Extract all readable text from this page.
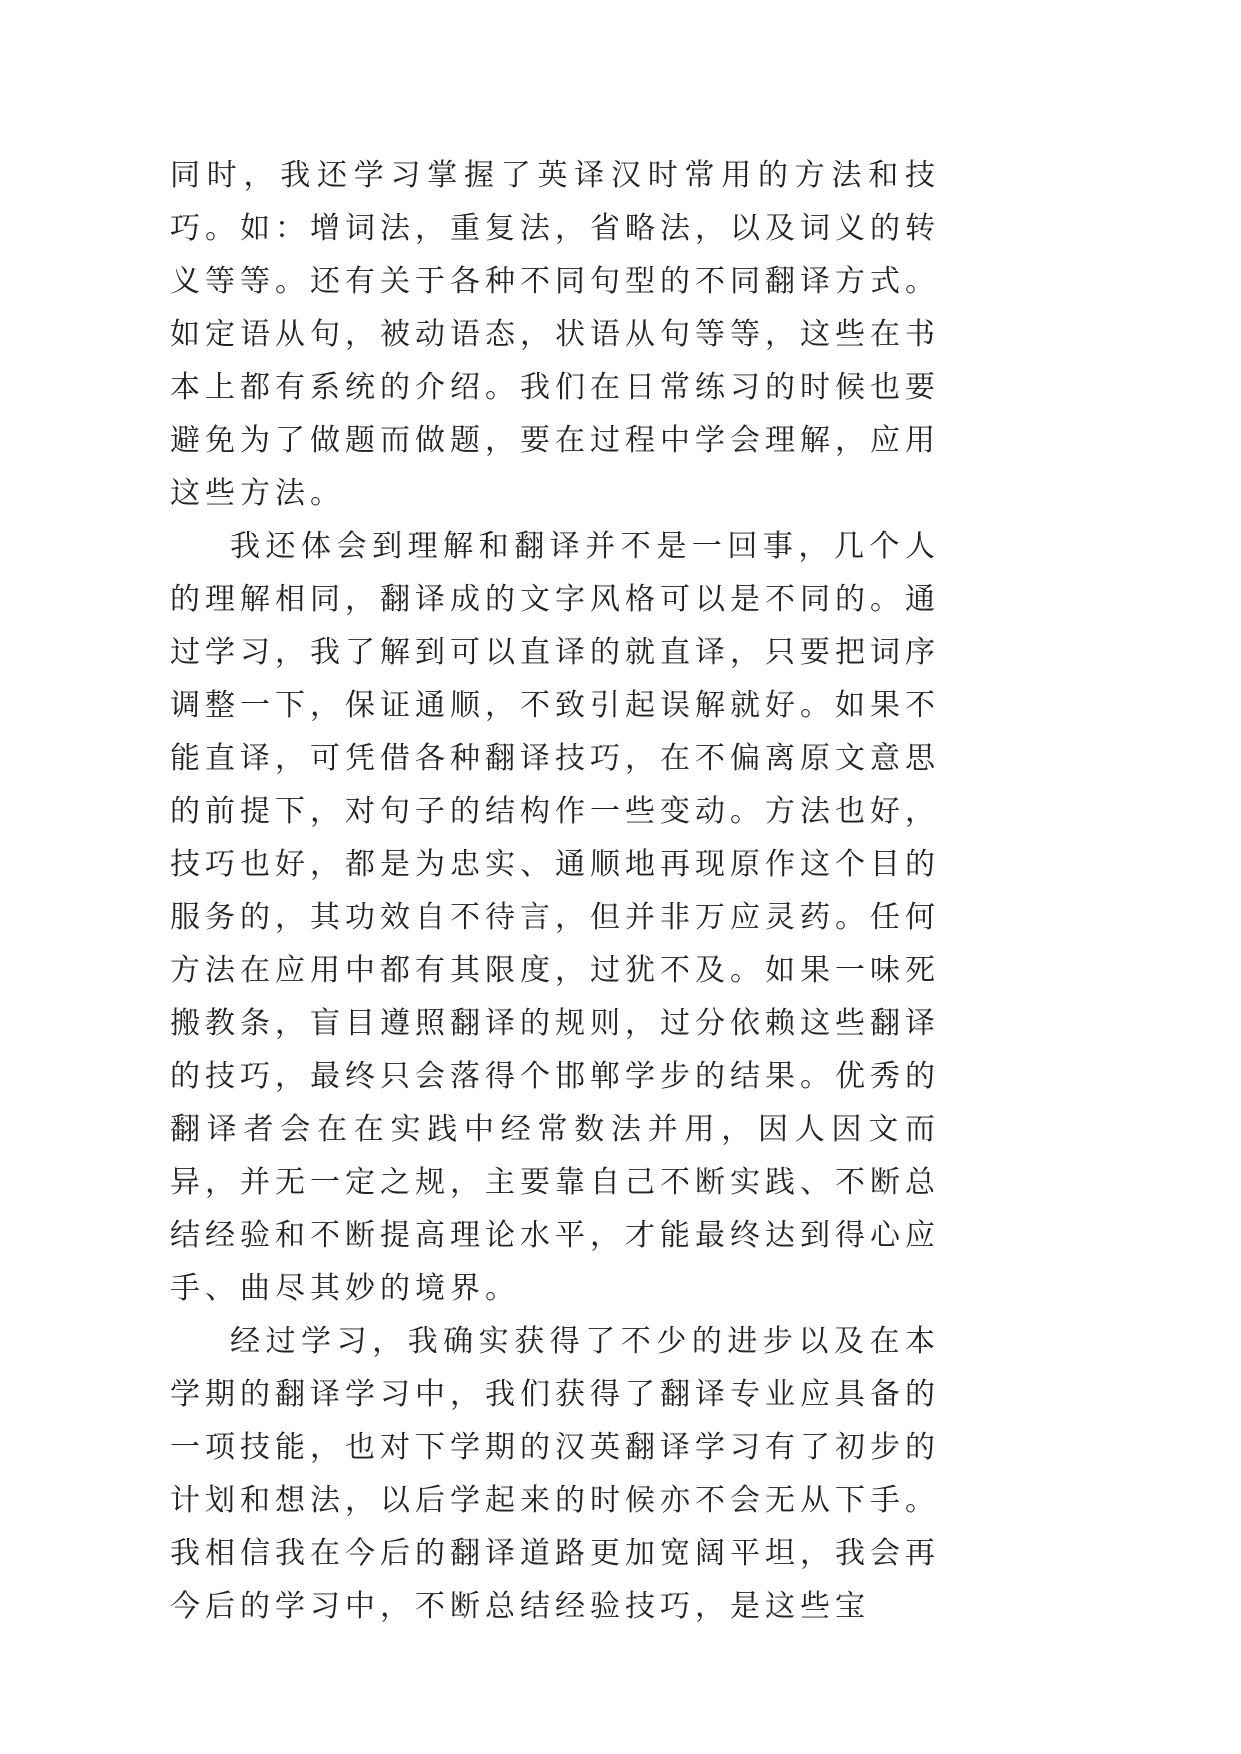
同时，我还学习掌握了英译汉时常用的方法和技巧。如：增词法，重复法，省略法，以及词义的转义等等。还有关于各种不同句型的不同翻译方式。如定语从句，被动语态，状语从句等等，这些在书本上都有系统的介绍。我们在日常练习的时候也要避免为了做题而做题，要在过程中学会理解，应用这些方法。

我还体会到理解和翻译并不是一回事，几个人的理解相同，翻译成的文字风格可以是不同的。通过学习，我了解到可以直译的就直译，只要把词序调整一下，保证通顺，不致引起误解就好。如果不能直译，可凭借各种翻译技巧，在不偏离原文意思的前提下，对句子的结构作一些变动。方法也好，技巧也好，都是为忠实、通顺地再现原作这个目的服务的，其功效自不待言，但并非万应灵药。任何方法在应用中都有其限度，过犹不及。如果一味死搬教条，盲目遵照翻译的规则，过分依赖这些翻译的技巧，最终只会落得个邯郸学步的结果。优秀的翻译者会在在实践中经常数法并用，因人因文而异，并无一定之规，主要靠自己不断实践、不断总结经验和不断提高理论水平，才能最终达到得心应手、曲尽其妙的境界。

经过学习，我确实获得了不少的进步以及在本学期的翻译学习中，我们获得了翻译专业应具备的一项技能，也对下学期的汉英翻译学习有了初步的计划和想法，以后学起来的时候亦不会无从下手。我相信我在今后的翻译道路更加宽阔平坦，我会再今后的学习中，不断总结经验技巧，是这些宝
